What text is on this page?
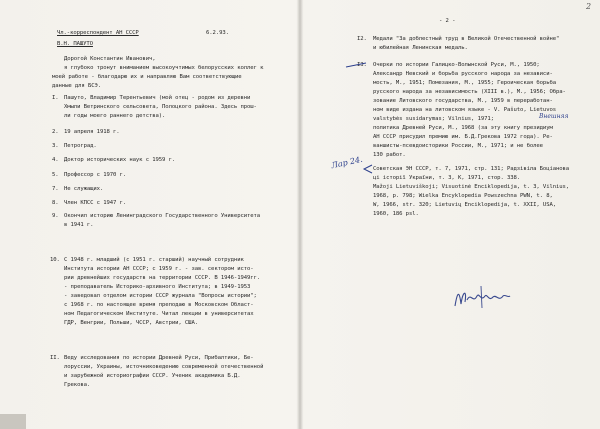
Чл.-корреспондент АН СССР	6.2.93.
В.Н. ПАШУТО
Дорогой Константин Иванович,
я глубоко тронут вниманием высокоучтимых белорусских коллег к
моей работе - благодарю их и направляю Вам соответствующие
данные для БСЭ.
I. Пашуто, Владимир Терентьевич (мой отец - родом из деревни
Хмыли Ветринского сельсовета, Полоцкого района. Здесь прош-
ли годы моего раннего детства).
2. 19 апреля 1918 г.
3. Петроград.
4. Доктор исторических наук с 1959 г.
5. Профессор с 1970 г.
7. Не служащих.
8. Член КПСС с 1947 г.
9. Окончил историю Ленинградского Государственного Университета
в 1941 г.
10. С 1948 г. младший (с 1951 г. старший) научный сотрудник
Института истории АН СССР; с 1959 г. - зав. сектором исто-
рии древнейших государств на территории СССР. В 1946-1949гг.
- преподаватель Историко-архивного Института; в 1949-1953
- заведовал отделом истории СССР журнала "Вопросы истории";
с 1968 г. по настоящее время преподаю в Московском Област-
ном Педагогическом Институте. Читал лекции в университетах
ГДР, Венгрии, Польши, ЧССР, Австрии, США.
II. Веду исследования по истории Древней Руси, Прибалтики, Бе-
лоруссии, Украины, источниковедению современной отечественной
и зарубежной историографии СССР. Ученик академика Б.Д.
Грекова.
- 2 -
I2. Медали "За доблестный труд в Великой Отечественной войне"
и юбилейная Ленинская медаль.
I3. Очерки по истории Галицко-Волынской Руси, М., 1950;
Александр Невский и борьба русского народа за независи-
мость, М., 1951; Помезания, М., 1955; Героическая борьба
русского народа за независимость (XIII в.), М., 1956; Обра-
зование Литовского государства, М., 1959 в переработан-
ном виде издана на литовском языке - V. Pašuto, Lietuvos
valstybės susidarymas; Vilnius, 1971;	Внешняя
политика Древней Руси, М., 1968 (за эту книгу президиум
АН СССР присудил премию им. Б.Д.Грекова 1972 года). Ре-
ваншисты-псевдоисторики России, М., 1971; и не более
130 работ.
Советская ЭН СССР, т. 7, 1971, стр. 131; Радзiвiла Боцiанова
ці історії України, т. 3, К, 1971, стор. 338.
Mažoji Lietuviškoji; Visuotinė Enciklopedija, t. 3, Vilnius,
1968, p. 798; Wielka Encyklopedia Powszechna PWN, t. 8,
W, 1966, str. 320; Lietuvių Enciklopedija, t. XXII, USA,
1960, 186 psl.
2
Лар 24.
